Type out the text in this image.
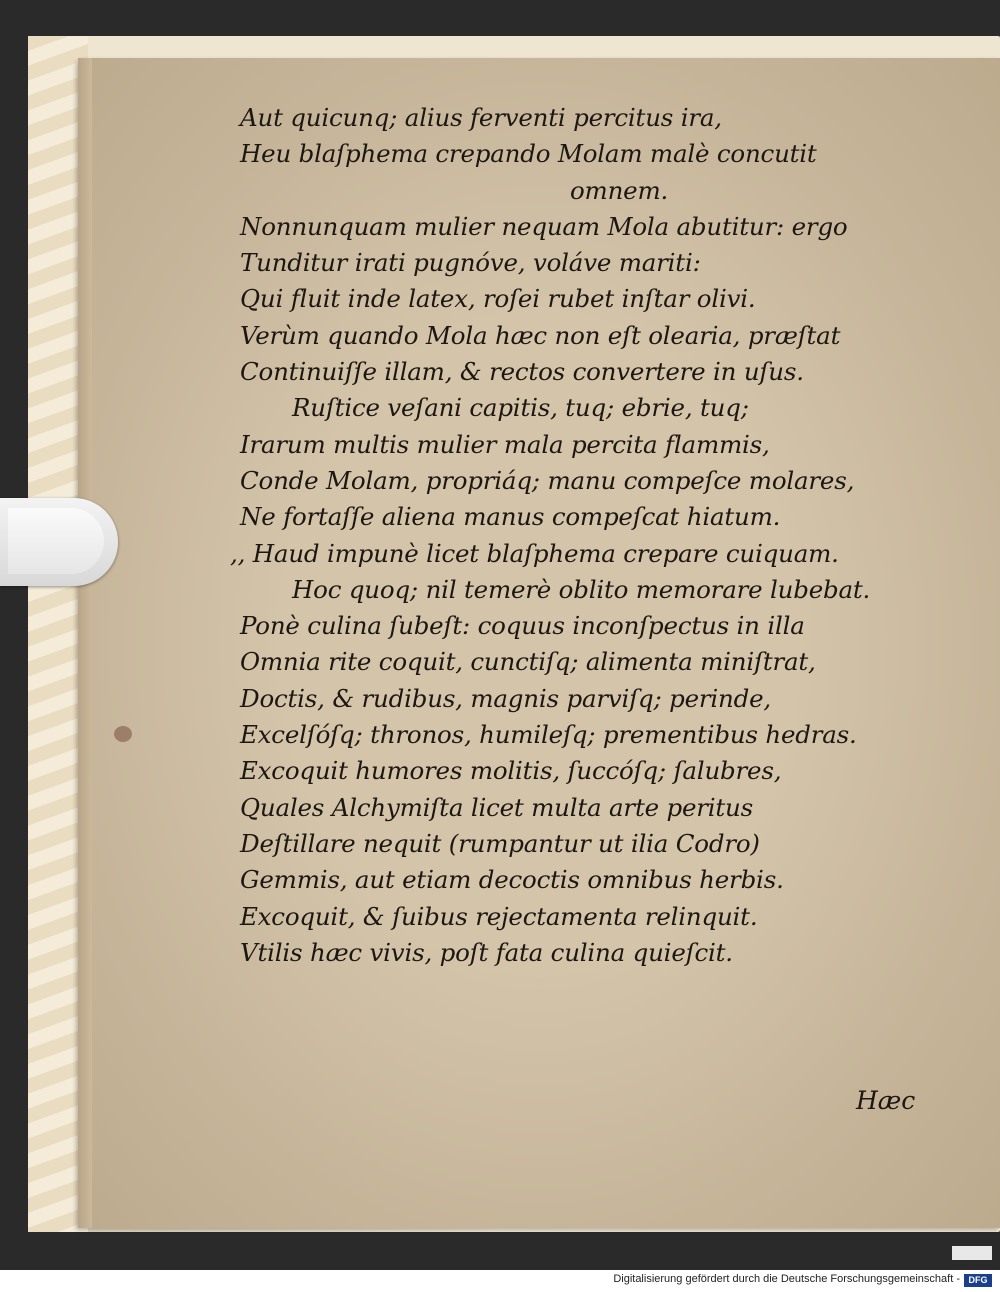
Aut quicunq; alius ferventi percitus ira,
Heu blaſphema crepando Molam malè concutit
omnem.
Nonnunquam mulier nequam Mola abutitur: ergo
Tunditur irati pugnóve, voláve mariti:
Qui fluit inde latex, roſei rubet inſtar olivi.
Verùm quando Mola hæc non eſt olearia, præſtat
Continuiſſe illam, & rectos convertere in uſus.
Ruſtice veſani capitis, tuq; ebrie, tuq;
Irarum multis mulier mala percita flammis,
Conde Molam, propriáq; manu compeſce molares,
Ne fortaſſe aliena manus compeſcat hiatum.
,, Haud impunè licet blaſphema crepare cuiquam.
Hoc quoq; nil temerè oblito memorare lubebat.
Ponè culina ſubeſt: coquus inconſpectus in illa
Omnia rite coquit, cunctiſq; alimenta miniſtrat,
Doctis, & rudibus, magnis parviſq; perinde,
Excelſóſq; thronos, humileſq; prementibus hedras.
Excoquit humores molitis, ſuccóſq; ſalubres,
Quales Alchymiſta licet multa arte peritus
Deſtillare nequit (rumpantur ut ilia Codro)
Gemmis, aut etiam decoctis omnibus herbis.
Excoquit, & ſuibus rejectamenta relinquit.
Vtilis hæc vivis, poſt fata culina quieſcit.
Hæc
Digitalisierung gefördert durch die Deutsche Forschungsgemeinschaft - DFG
